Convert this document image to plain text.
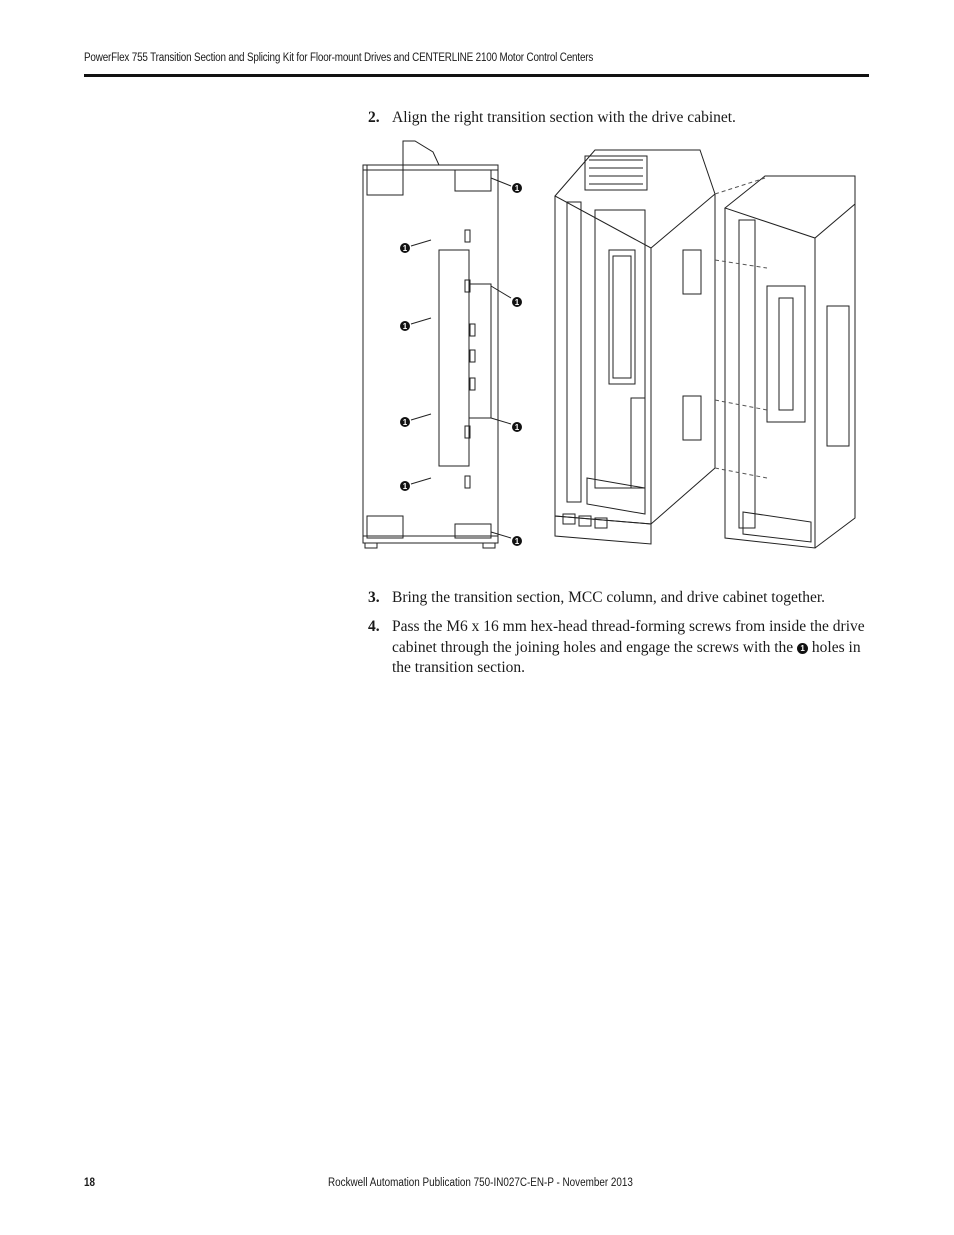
PowerFlex 755 Transition Section and Splicing Kit for Floor-mount Drives and CENTERLINE 2100 Motor Control Centers
2. Align the right transition section with the drive cabinet.
1
1
1
1
1
1
1
1
3. Bring the transition section, MCC column, and drive cabinet together.
4. Pass the M6 x 16 mm hex-head thread-forming screws from inside the drive cabinet through the joining holes and engage the screws with the 1 holes in the transition section.
18	Rockwell Automation Publication 750-IN027C-EN-P - November 2013
